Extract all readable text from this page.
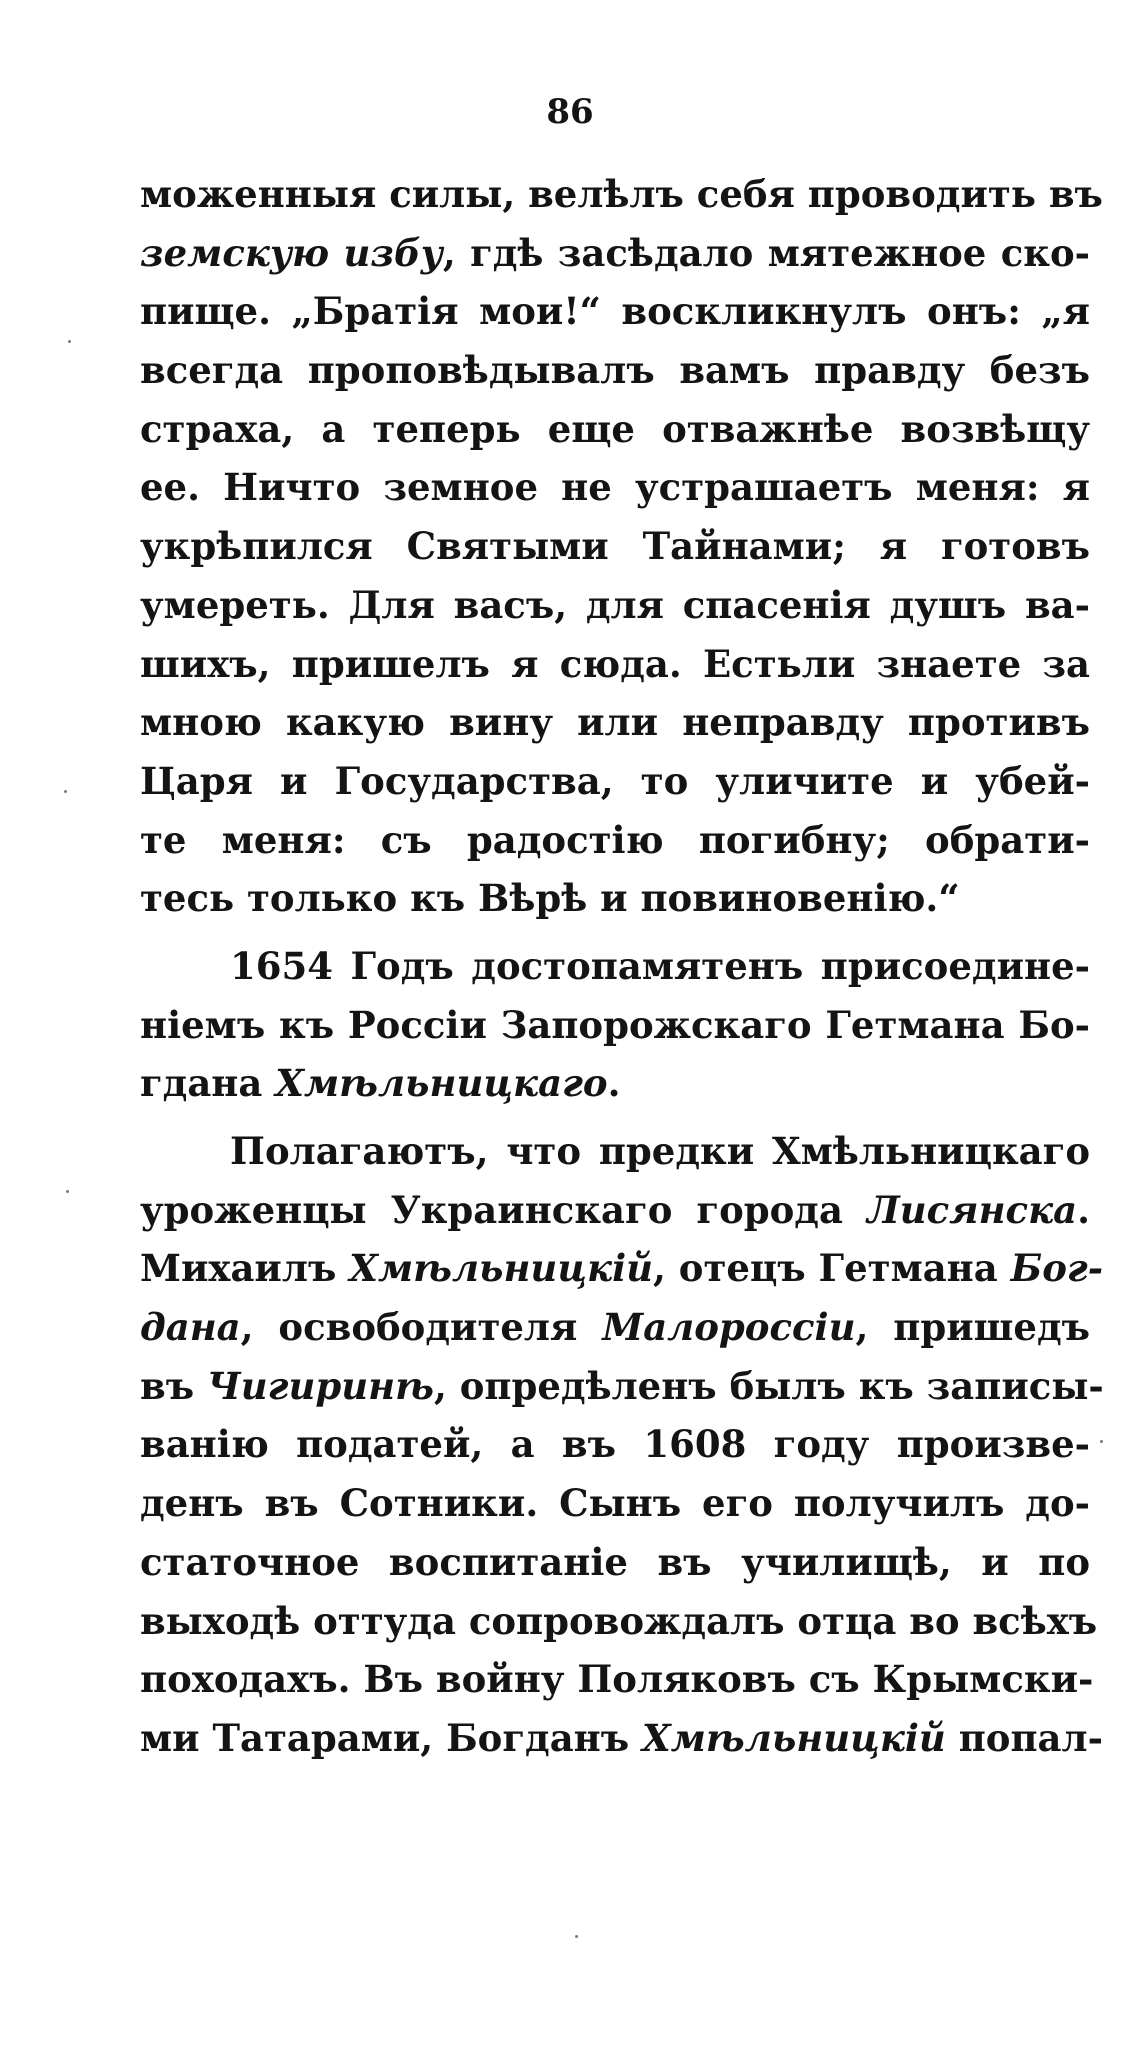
86
моженныя силы, велѣлъ себя проводить въ
земскую избу, гдѣ засѣдало мятежное ско-
пище. „Братія мои!“ воскликнулъ онъ: „я
всегда проповѣдывалъ вамъ правду безъ
страха, а теперь еще отважнѣе возвѣщу
ее. Ничто земное не устрашаетъ меня: я
укрѣпился Святыми Тайнами; я готовъ
умереть. Для васъ, для спасенія душъ ва-
шихъ, пришелъ я сюда. Естьли знаете за
мною какую вину или неправду противъ
Царя и Государства, то уличите и убей-
те меня: съ радостію погибну; обрати-
тесь только къ Вѣрѣ и повиновенію.“
1654 Годъ достопамятенъ присоедине-
ніемъ къ Россіи Запорожскаго Гетмана Бо-
гдана Хмѣльницкаго.
Полагаютъ, что предки Хмѣльницкаго
уроженцы Украинскаго города Лисянска.
Михаилъ Хмѣльницкій, отецъ Гетмана Бог-
дана, освободителя Малороссіи, пришедъ
въ Чигиринѣ, опредѣленъ былъ къ записы-
ванію податей, а въ 1608 году произве-
денъ въ Сотники. Сынъ его получилъ до-
статочное воспитаніе въ училищѣ, и по
выходѣ оттуда сопровождалъ отца во всѣхъ
походахъ. Въ войну Поляковъ съ Крымски-
ми Татарами, Богданъ Хмѣльницкій попал-
